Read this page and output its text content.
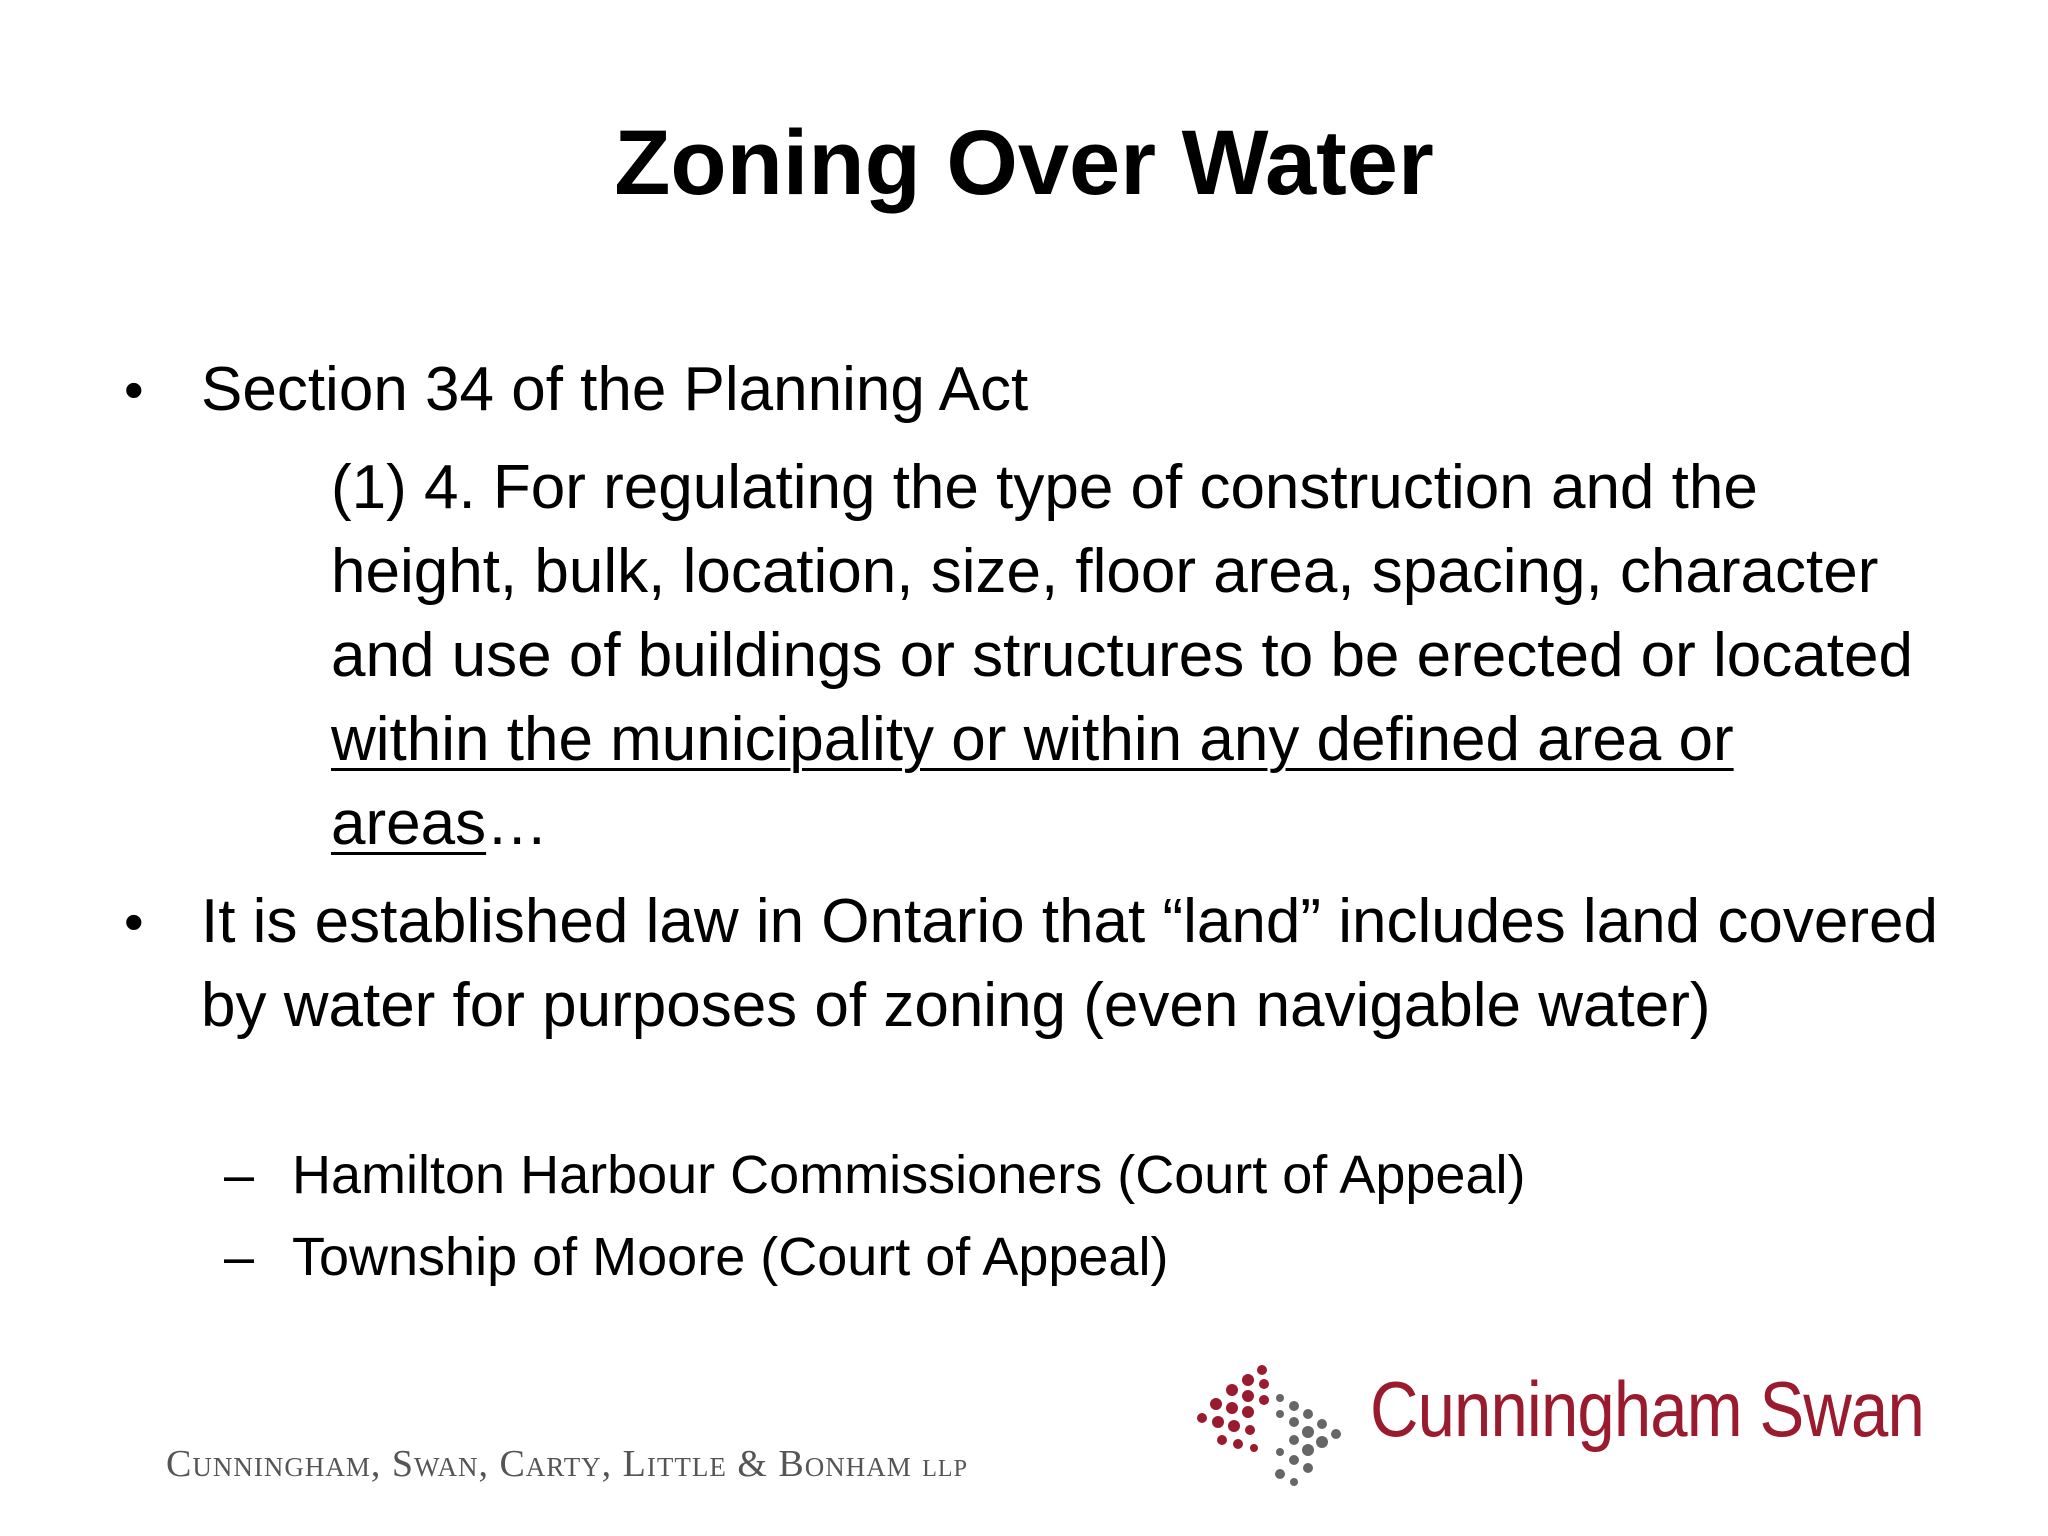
Zoning Over Water
• Section 34 of the Planning Act
(1) 4. For regulating the type of construction and the height, bulk, location, size, floor area, spacing, character and use of buildings or structures to be erected or located within the municipality or within any defined area or areas…
• It is established law in Ontario that “land” includes land covered by water for purposes of zoning (even navigable water)
– Hamilton Harbour Commissioners (Court of Appeal)
– Township of Moore (Court of Appeal)
Cunningham, Swan, Carty, Little & Bonham LLP
Cunningham Swan
